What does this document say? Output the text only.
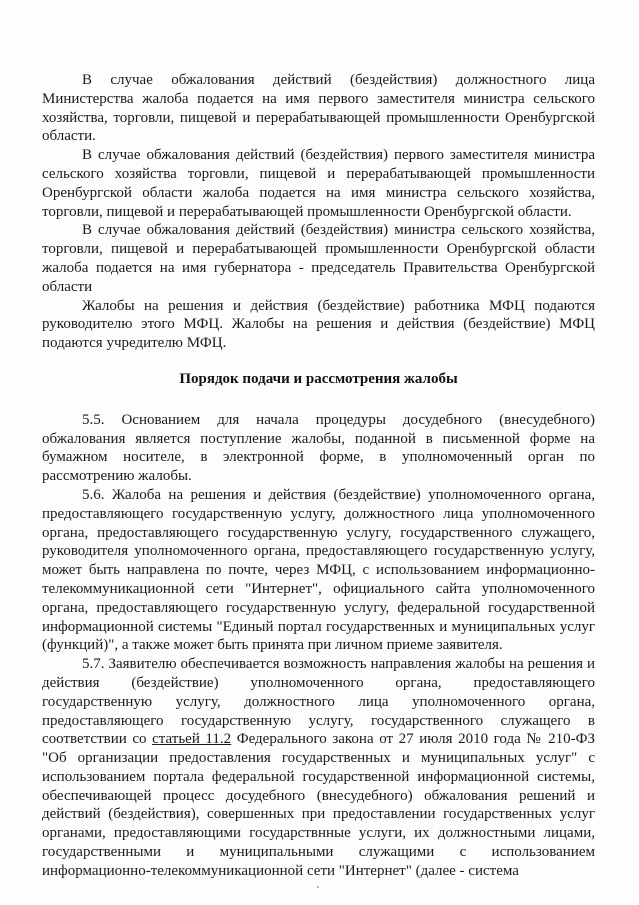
В случае обжалования действий (бездействия) должностного лица Министерства жалоба подается на имя первого заместителя министра сельского хозяйства, торговли, пищевой и перерабатывающей промышленности Оренбургской области.

В случае обжалования действий (бездействия) первого заместителя министра сельского хозяйства торговли, пищевой и перерабатывающей промышленности Оренбургской области жалоба подается на имя министра сельского хозяйства, торговли, пищевой и перерабатывающей промышленности Оренбургской области.

В случае обжалования действий (бездействия) министра сельского хозяйства, торговли, пищевой и перерабатывающей промышленности Оренбургской области жалоба подается на имя губернатора - председатель Правительства Оренбургской области

Жалобы на решения и действия (бездействие) работника МФЦ подаются руководителю этого МФЦ. Жалобы на решения и действия (бездействие) МФЦ подаются учредителю МФЦ.

Порядок подачи и рассмотрения жалобы

5.5. Основанием для начала процедуры досудебного (внесудебного) обжалования является поступление жалобы, поданной в письменной форме на бумажном носителе, в электронной форме, в уполномоченный орган по рассмотрению жалобы.

5.6. Жалоба на решения и действия (бездействие) уполномоченного органа, предоставляющего государственную услугу, должностного лица уполномоченного органа, предоставляющего государственную услугу, государственного служащего, руководителя уполномоченного органа, предоставляющего государственную услугу, может быть направлена по почте, через МФЦ, с использованием информационно-телекоммуникационной сети "Интернет", официального сайта уполномоченного органа, предоставляющего государственную услугу, федеральной государственной информационной системы "Единый портал государственных и муниципальных услуг (функций)", а также может быть принята при личном приеме заявителя.

5.7. Заявителю обеспечивается возможность направления жалобы на решения и действия (бездействие) уполномоченного органа, предоставляющего государственную услугу, должностного лица уполномоченного органа, предоставляющего государственную услугу, государственного служащего в соответствии со статьей 11.2 Федерального закона от 27 июля 2010 года № 210-ФЗ "Об организации предоставления государственных и муниципальных услуг" с использованием портала федеральной государственной информационной системы, обеспечивающей процесс досудебного (внесудебного) обжалования решений и действий (бездействия), совершенных при предоставлении государственных услуг органами, предоставляющими государствнные услуги, их должностными лицами, государственными и муниципальными служащими с использованием информационно-телекоммуникационной сети "Интернет" (далее - система
